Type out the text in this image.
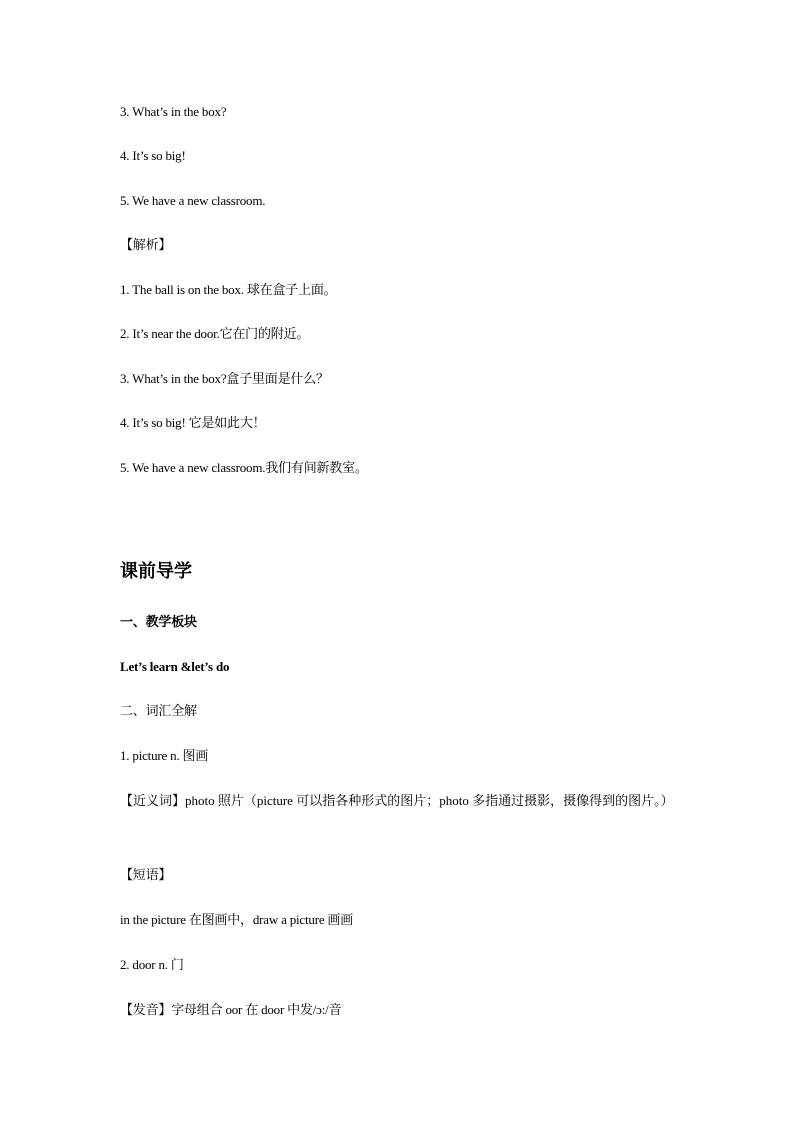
3. What’s in the box?
4. It’s so big!
5. We have a new classroom.
【解析】
1. The ball is on the box. 球在盒子上面。
2. It’s near the door.它在门的附近。
3. What’s in the box?盒子里面是什么？
4. It’s so big! 它是如此大！
5. We have a new classroom.我们有间新教室。
课前导学
一、教学板块
Let’s learn &let’s do
二、词汇全解
1. picture n. 图画
【近义词】photo 照片（picture 可以指各种形式的图片；photo 多指通过摄影，摄像得到的图片。）
【短语】
in the picture 在图画中，draw a picture 画画
2. door n. 门
【发音】字母组合 oor 在 door 中发/ɔ:/音
